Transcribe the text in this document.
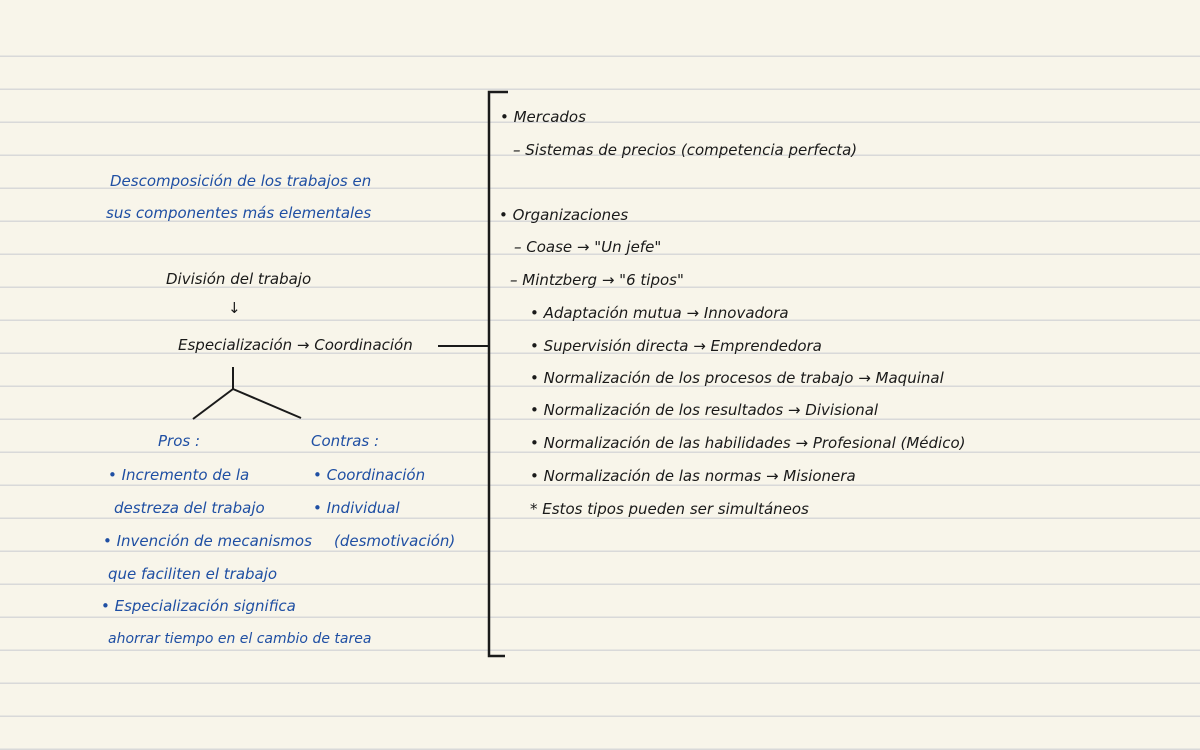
Descomposición de los trabajos en
sus componentes más elementales
División del trabajo
↓
Especialización → Coordinación
Pros :
• Incremento de la
destreza del trabajo
• Invención de mecanismos
que faciliten el trabajo
• Especialización significa
ahorrar tiempo en el cambio de tarea
Contras :
• Coordinación
• Individual
(desmotivación)
• Mercados
– Sistemas de precios (competencia perfecta)
• Organizaciones
– Coase → "Un jefe"
– Mintzberg → "6 tipos"
• Adaptación mutua → Innovadora
• Supervisión directa → Emprendedora
• Normalización de los procesos de trabajo → Maquinal
• Normalización de los resultados → Divisional
• Normalización de las habilidades → Profesional (Médico)
• Normalización de las normas → Misionera
* Estos tipos pueden ser simultáneos
